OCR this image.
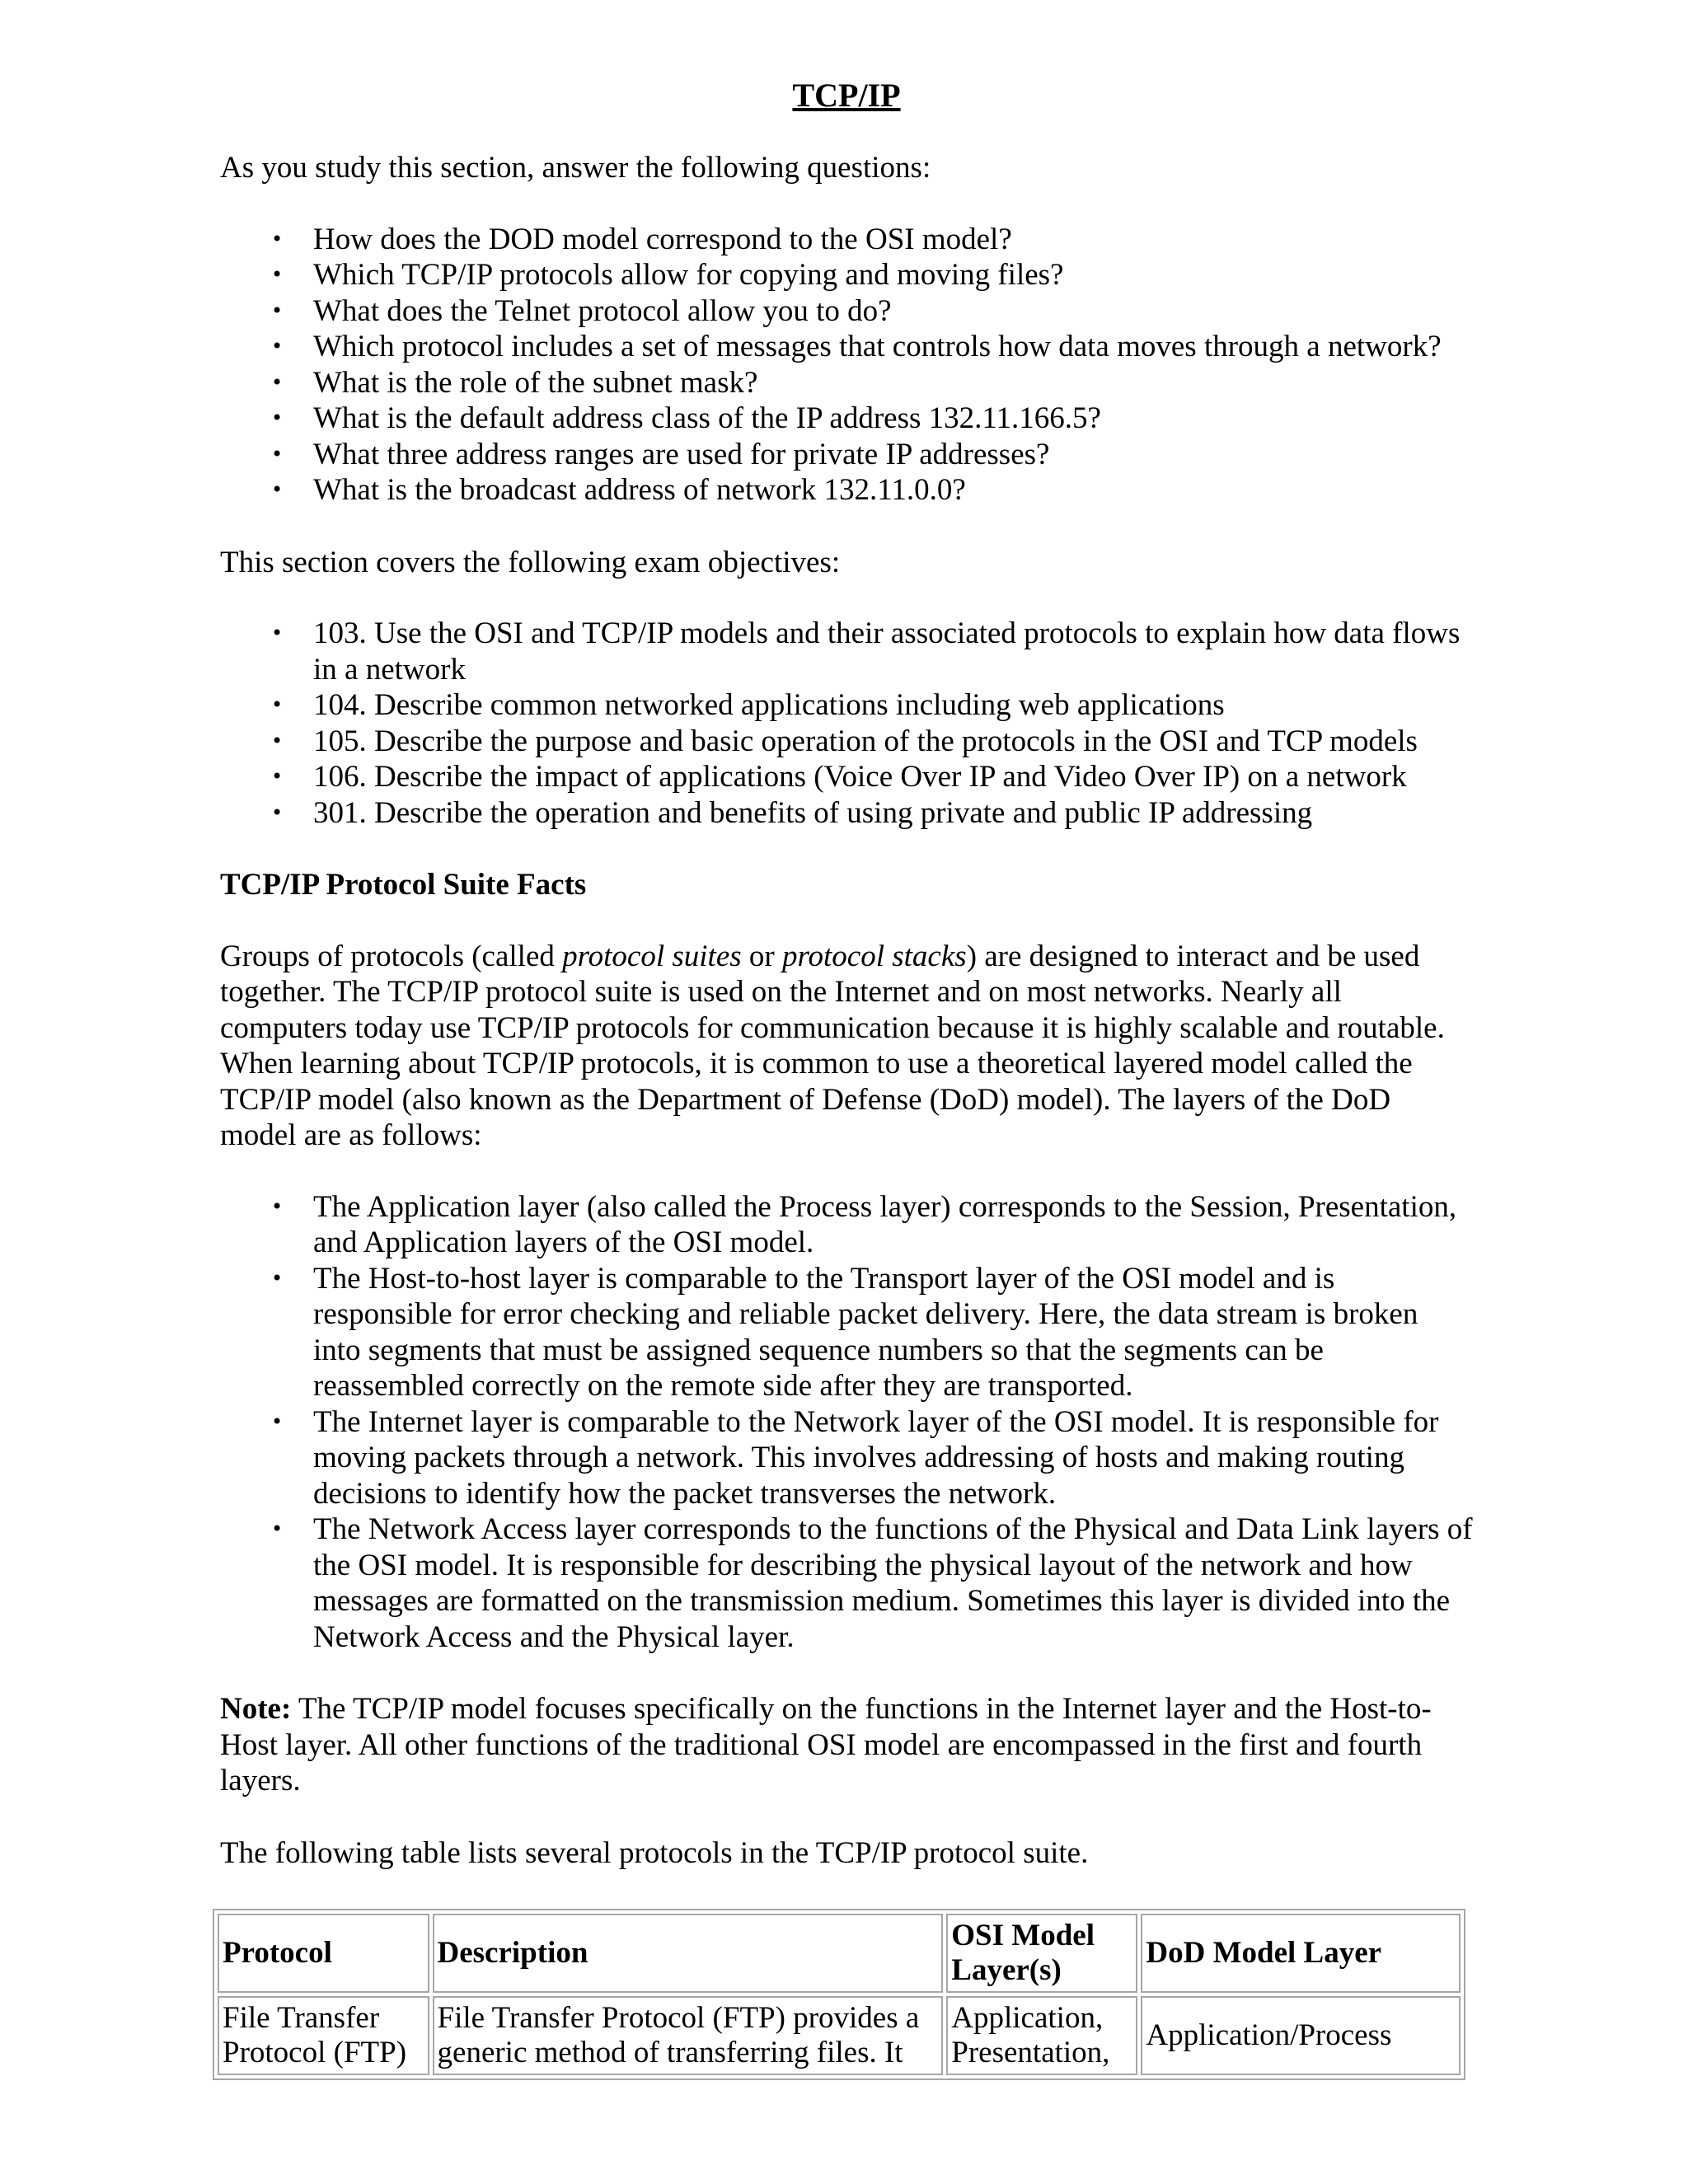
TCP/IP

As you study this section, answer the following questions:

• How does the DOD model correspond to the OSI model?
• Which TCP/IP protocols allow for copying and moving files?
• What does the Telnet protocol allow you to do?
• Which protocol includes a set of messages that controls how data moves through a network?
• What is the role of the subnet mask?
• What is the default address class of the IP address 132.11.166.5?
• What three address ranges are used for private IP addresses?
• What is the broadcast address of network 132.11.0.0?

This section covers the following exam objectives:

• 103. Use the OSI and TCP/IP models and their associated protocols to explain how data flows in a network
• 104. Describe common networked applications including web applications
• 105. Describe the purpose and basic operation of the protocols in the OSI and TCP models
• 106. Describe the impact of applications (Voice Over IP and Video Over IP) on a network
• 301. Describe the operation and benefits of using private and public IP addressing

TCP/IP Protocol Suite Facts

Groups of protocols (called protocol suites or protocol stacks) are designed to interact and be used together. The TCP/IP protocol suite is used on the Internet and on most networks. Nearly all computers today use TCP/IP protocols for communication because it is highly scalable and routable. When learning about TCP/IP protocols, it is common to use a theoretical layered model called the TCP/IP model (also known as the Department of Defense (DoD) model). The layers of the DoD model are as follows:

• The Application layer (also called the Process layer) corresponds to the Session, Presentation, and Application layers of the OSI model.
• The Host-to-host layer is comparable to the Transport layer of the OSI model and is responsible for error checking and reliable packet delivery. Here, the data stream is broken into segments that must be assigned sequence numbers so that the segments can be reassembled correctly on the remote side after they are transported.
• The Internet layer is comparable to the Network layer of the OSI model. It is responsible for moving packets through a network. This involves addressing of hosts and making routing decisions to identify how the packet transverses the network.
• The Network Access layer corresponds to the functions of the Physical and Data Link layers of the OSI model. It is responsible for describing the physical layout of the network and how messages are formatted on the transmission medium. Sometimes this layer is divided into the Network Access and the Physical layer.

Note: The TCP/IP model focuses specifically on the functions in the Internet layer and the Host-to-Host layer. All other functions of the traditional OSI model are encompassed in the first and fourth layers.

The following table lists several protocols in the TCP/IP protocol suite.

Protocol	Description	OSI Model Layer(s)	DoD Model Layer
File Transfer Protocol (FTP)	File Transfer Protocol (FTP) provides a generic method of transferring files. It	Application, Presentation,	Application/Process
